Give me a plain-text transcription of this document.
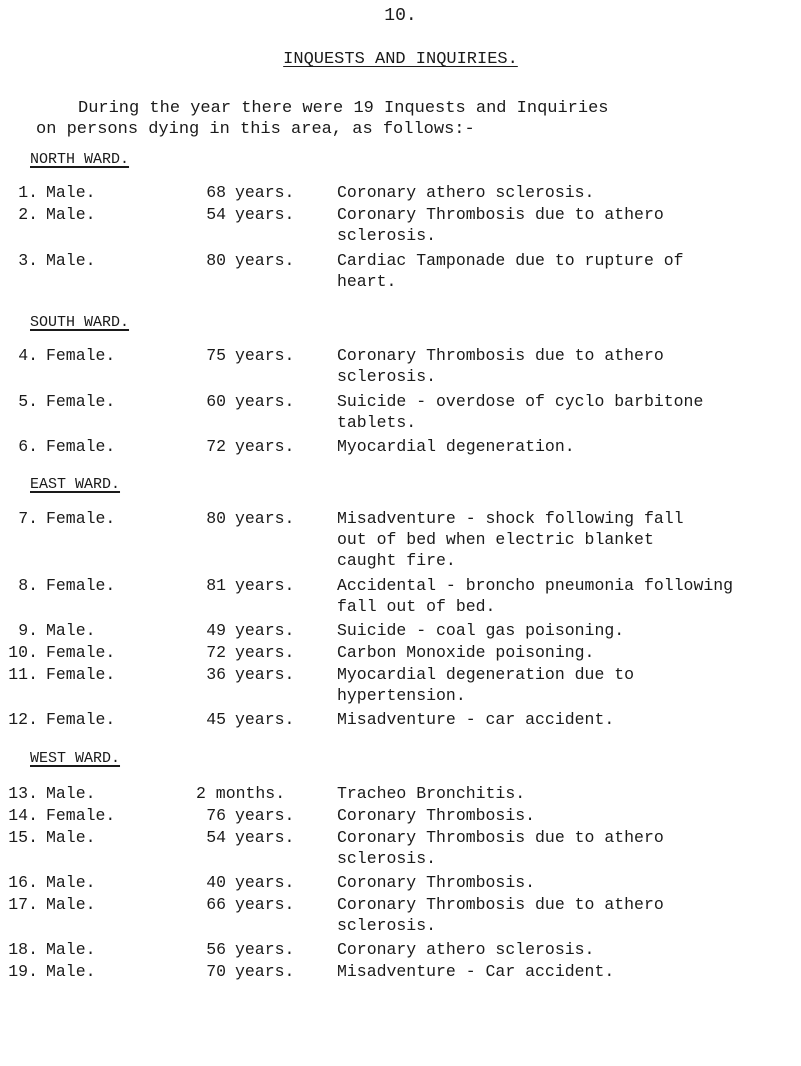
10.
INQUESTS AND INQUIRIES.
During the year there were 19 Inquests and Inquiries
on persons dying in this area, as follows:-
NORTH WARD.
1. Male.	68 years.	Coronary athero sclerosis.
2. Male.	54 years.	Coronary Thrombosis due to athero
sclerosis.
3. Male.	80 years.	Cardiac Tamponade due to rupture of
heart.
SOUTH WARD.
4. Female.	75 years.	Coronary Thrombosis due to athero
sclerosis.
5. Female.	60 years.	Suicide - overdose of cyclo barbitone
tablets.
6. Female.	72 years.	Myocardial degeneration.
EAST WARD.
7. Female.	80 years.	Misadventure - shock following fall
out of bed when electric blanket
caught fire.
8. Female.	81 years.	Accidental - broncho pneumonia following
fall out of bed.
9. Male.	49 years.	Suicide - coal gas poisoning.
10. Female.	72 years.	Carbon Monoxide poisoning.
11. Female.	36 years.	Myocardial degeneration due to
hypertension.
12. Female.	45 years.	Misadventure - car accident.
WEST WARD.
13. Male.	2 months.	Tracheo Bronchitis.
14. Female.	76 years.	Coronary Thrombosis.
15. Male.	54 years.	Coronary Thrombosis due to athero
sclerosis.
16. Male.	40 years.	Coronary Thrombosis.
17. Male.	66 years.	Coronary Thrombosis due to athero
sclerosis.
18. Male.	56 years.	Coronary athero sclerosis.
19. Male.	70 years.	Misadventure - Car accident.
